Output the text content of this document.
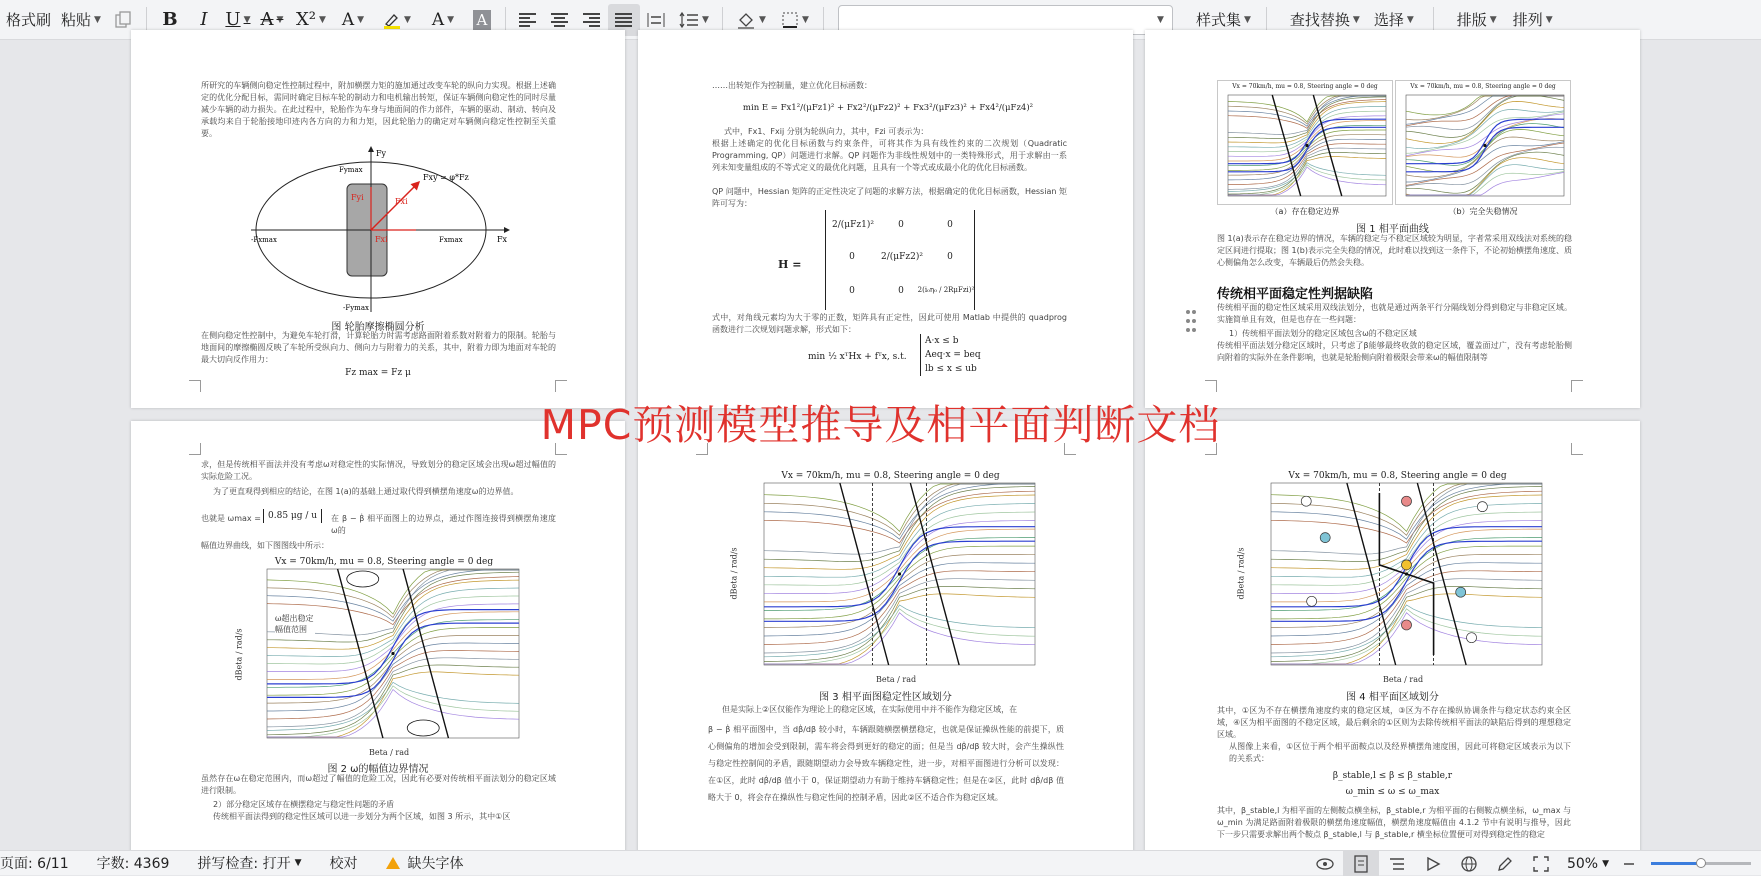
格式刷 粘贴 ▼	B	I U ▼ A ▼ X² ▼ A ▼	▼ A ▼ A	▼	▼	▼	▼ 样式集 ▼	查找替换 ▼ 选择 ▼	排版 ▼ 排列 ▼
所研究的车辆侧向稳定性控制过程中，附加横摆力矩的施加通过改变车轮的纵向力实现。根据上述确定的优化分配目标，需同时确定目标车轮的制动力和电机输出转矩，保证车辆侧向稳定性的同时尽量减少车辆的动力损失。在此过程中，轮胎作为车身与地面间的作力部件，车辆的驱动、制动、转向及承载均来自于轮胎接地印迹内各方向的力和力矩，因此轮胎力的确定对车辆侧向稳定性控制至关重要。
Fy
Fymax
Fxy = φ*Fz
Fyi	Fxi
Fxi
-Fxmax	Fxmax	Fx
-Fymax
图 轮胎摩擦椭圆分析
在侧向稳定性控制中，为避免车轮打滑，计算轮胎力时需考虑路面附着系数对附着力的限制。轮胎与地面间的摩擦椭圆反映了车轮所受纵向力、侧向力与附着力的关系，其中，附着力即为地面对车轮的最大切向反作用力：
Fz max = Fz μ
……出转矩作为控制量，建立优化目标函数：
min E = Fx1²/(μFz1)² + Fx2²/(μFz2)² + Fx3²/(μFz3)² + Fx4²/(μFz4)²
式中，Fx1、Fxij 分别为轮纵向力，其中，Fzi 可表示为：
根据上述确定的优化目标函数与约束条件，可将其作为具有线性约束的二次规划（Quadratic Programming, QP）问题进行求解。QP 问题作为非线性规划中的一类特殊形式，用于求解由一系列未知变量组成的不等式定义的最优化问题，且具有一个等式或成最小化的优化目标函数。
QP 问题中，Hessian 矩阵的正定性决定了问题的求解方法，根据确定的优化目标函数，Hessian 矩阵可写为：
H =
2/(μFz1)²	0	0
0	2/(μFz2)²	0
0	0	2(i₀η₀ / 2RμFzi)²
式中，对角线元素均为大于零的正数，矩阵具有正定性，因此可使用 Matlab 中提供的 quadprog 函数进行二次规划问题求解，形式如下：
min ½ xᵀHx + fᵀx, s.t.
A·x ≤ b
Aeq·x = beq
lb ≤ x ≤ ub
Vx = 70km/h, mu = 0.8, Steering angle = 0 deg	Vx = 70km/h, mu = 0.8, Steering angle = 0 deg
（a）存在稳定边界	（b）完全失稳情况
图 1 相平面曲线
图 1(a)表示存在稳定边界的情况，车辆的稳定与不稳定区域较为明显，字者常采用双线法对系统的稳定区间进行提取；图 1(b)表示完全失稳的情况，此时难以找到这一条件下，不论初始横摆角速度、质心侧偏角怎么改变，车辆最后仍然会失稳。
传统相平面稳定性判据缺陷
传统相平面的稳定性区域采用双线法划分，也就是通过两条平行分隔线划分得到稳定与非稳定区域。实施简单且有效，但是也存在一些问题：
1）传统相平面法划分的稳定区域包含ω的不稳定区域
传统相平面法划分稳定区域时，只考虑了β能够最终收敛的稳定区域，覆盖面过广，没有考虑轮胎侧向附着的实际外在条件影响，也就是轮胎侧向附着极限会带来ω的幅值限制等
求，但是传统相平面法并没有考虑ω对稳定性的实际情况，导致划分的稳定区域会出现ω超过幅值的实际危险工况。
为了更直观得到相应的结论，在图 1(a)的基础上通过取代得到横摆角速度ω的边界值。
也就是 ωmax = 0.85 μg / u	在 β − β̇ 相平面图上的边界点，通过作图连接得到横摆角速度ω的
幅值边界曲线，如下图图线中所示：
Vx = 70km/h, mu = 0.8, Steering angle = 0 deg
ω超出稳定幅值范围
Beta / rad
dBeta / rad/s
图 2 ω的幅值边界情况
虽然存在ω在稳定范围内，而ω超过了幅值的危险工况，因此有必要对传统相平面法划分的稳定区域进行限制。
2）部分稳定区域存在横摆稳定与稳定性问题的矛盾
传统相平面法得到的稳定性区域可以进一步划分为两个区域，如图 3 所示，其中①区
Vx = 70km/h, mu = 0.8, Steering angle = 0 deg
Beta / rad
dBeta / rad/s
图 3 相平面图稳定性区域划分
但是实际上②区仅能作为理论上的稳定区域，在实际使用中并不能作为稳定区域，在
β − β̇ 相平面图中，当 dβ̇/dβ 较小时，车辆跟随横摆横摆稳定，也就是保证操纵性能的前提下，质心侧偏角的增加会受到限制，需车将会得到更好的稳定的面；但是当 dβ̇/dβ 较大时，会产生操纵性与稳定性控制间的矛盾，跟随期望动力会导致车辆稳定性，进一步，对相平面图进行分析可以发现：在①区，此时 dβ̇/dβ 值小于 0，保证期望动力有助于维持车辆稳定性；但是在②区，此时 dβ̇/dβ 值略大于 0，将会存在操纵性与稳定性间的控制矛盾，因此②区不适合作为稳定区域。
Vx = 70km/h, mu = 0.8, Steering angle = 0 deg
Beta / rad
dBeta / rad/s
图 4 相平面区域划分
其中，①区为不存在横摆角速度约束的稳定区域，③区为不存在操纵协调条件与稳定状态约束全区域，④区为相平面图的不稳定区域，最后剩余的①区则为去除传统相平面法的缺陷后得到的理想稳定区域。
从图像上来看，①区位于两个相平面鞍点以及经界横摆角速度围，因此可将稳定区域表示为以下的关系式：
β_stable,l ≤ β ≤ β_stable,r
ω_min ≤ ω ≤ ω_max
其中，β_stable,l 为相平面的左侧鞍点横坐标，β_stable,r 为相平面的右侧鞍点横坐标，ω_max 与 ω_min 为满足路面附着极限的横摆角速度幅值，横摆角速度幅值由 4.1.2 节中有说明与推导，因此下一步只需要求解出两个鞍点 β_stable,l 与 β_stable,r 横坐标位置便可对得到稳定性的稳定
MPC预测模型推导及相平面判断文档
页面: 6/11 字数: 4369 拼写检查: 打开 ▼ 校对	缺失字体	50% ▼
